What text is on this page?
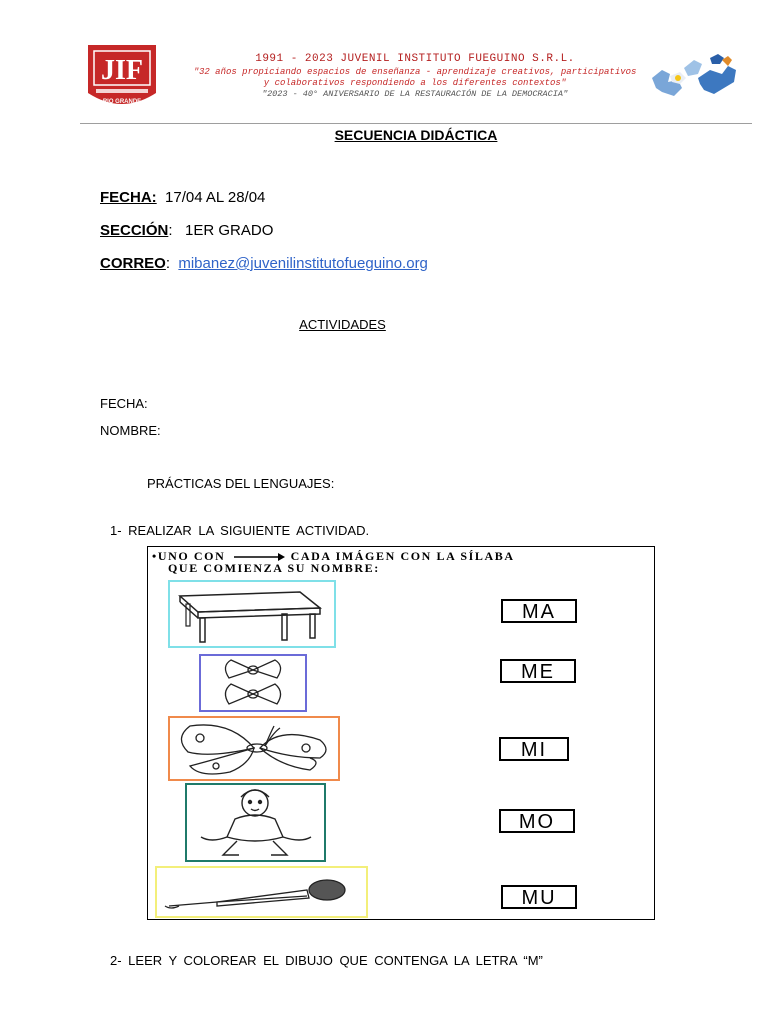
JIF
RIO GRANDE
1991 - 2023 JUVENIL INSTITUTO FUEGUINO S.R.L.
"32 años propiciando espacios de enseñanza - aprendizaje creativos, participativos
y colaborativos respondiendo a los diferentes contextos"
"2023 - 40° ANIVERSARIO DE LA RESTAURACIÓN DE LA DEMOCRACIA"
SECUENCIA DIDÁCTICA
FECHA: 17/04 AL 28/04
SECCIÓN:   1ER GRADO
CORREO:  mibanez@juvenilinstitutofueguino.org
ACTIVIDADES
FECHA:
NOMBRE:
PRÁCTICAS DEL LENGUAJES:
1- REALIZAR LA SIGUIENTE ACTIVIDAD.
•UNO CON	CADA IMÁGEN CON LA SÍLABA
QUE COMIENZA SU NOMBRE:
MA
ME
MI
MO
MU
2- LEER Y COLOREAR EL DIBUJO QUE CONTENGA LA LETRA “M”
